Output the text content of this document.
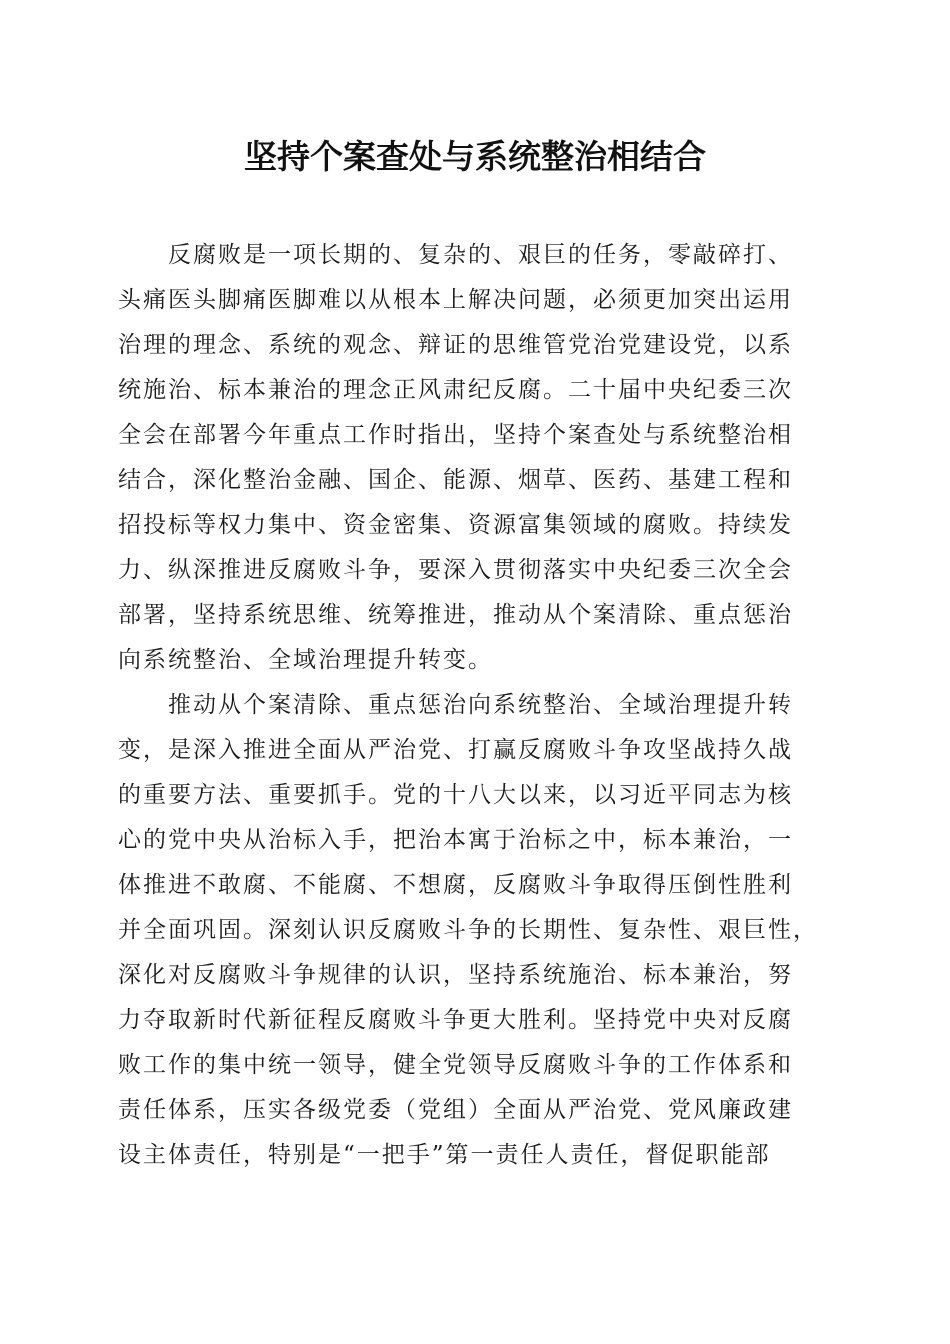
坚持个案查处与系统整治相结合

反腐败是一项长期的、复杂的、艰巨的任务，零敲碎打、
头痛医头脚痛医脚难以从根本上解决问题，必须更加突出运用
治理的理念、系统的观念、辩证的思维管党治党建设党，以系
统施治、标本兼治的理念正风肃纪反腐。二十届中央纪委三次
全会在部署今年重点工作时指出，坚持个案查处与系统整治相
结合，深化整治金融、国企、能源、烟草、医药、基建工程和
招投标等权力集中、资金密集、资源富集领域的腐败。持续发
力、纵深推进反腐败斗争，要深入贯彻落实中央纪委三次全会
部署，坚持系统思维、统筹推进，推动从个案清除、重点惩治
向系统整治、全域治理提升转变。

推动从个案清除、重点惩治向系统整治、全域治理提升转
变，是深入推进全面从严治党、打赢反腐败斗争攻坚战持久战
的重要方法、重要抓手。党的十八大以来，以习近平同志为核
心的党中央从治标入手，把治本寓于治标之中，标本兼治，一
体推进不敢腐、不能腐、不想腐，反腐败斗争取得压倒性胜利
并全面巩固。深刻认识反腐败斗争的长期性、复杂性、艰巨性，
深化对反腐败斗争规律的认识，坚持系统施治、标本兼治，努
力夺取新时代新征程反腐败斗争更大胜利。坚持党中央对反腐
败工作的集中统一领导，健全党领导反腐败斗争的工作体系和
责任体系，压实各级党委（党组）全面从严治党、党风廉政建
设主体责任，特别是“一把手”第一责任人责任，督促职能部
